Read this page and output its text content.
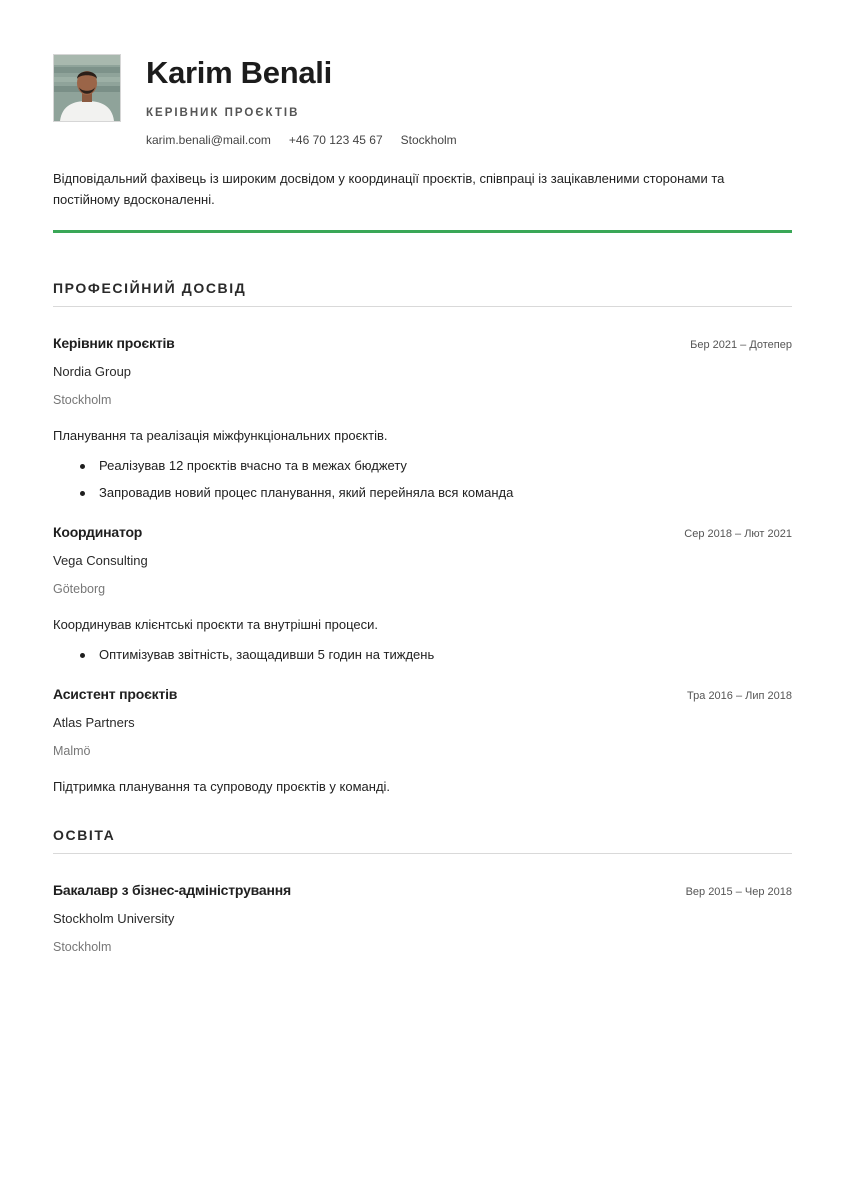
Karim Benali
КЕРІВНИК ПРОЄКТІВ
karim.benali@mail.com +46 70 123 45 67 Stockholm
Відповідальний фахівець із широким досвідом у координації проєктів, співпраці із зацікавленими сторонами та постійному вдосконаленні.
ПРОФЕСІЙНИЙ ДОСВІД
Керівник проєктів	Бер 2021 – Дотепер
Nordia Group
Stockholm
Планування та реалізація міжфункціональних проєктів.
Реалізував 12 проєктів вчасно та в межах бюджету
Запровадив новий процес планування, який перейняла вся команда
Координатор	Сер 2018 – Лют 2021
Vega Consulting
Göteborg
Координував клієнтські проєкти та внутрішні процеси.
Оптимізував звітність, заощадивши 5 годин на тиждень
Асистент проєктів	Тра 2016 – Лип 2018
Atlas Partners
Malmö
Підтримка планування та супроводу проєктів у команді.
ОСВІТА
Бакалавр з бізнес-адміністрування	Вер 2015 – Чер 2018
Stockholm University
Stockholm
